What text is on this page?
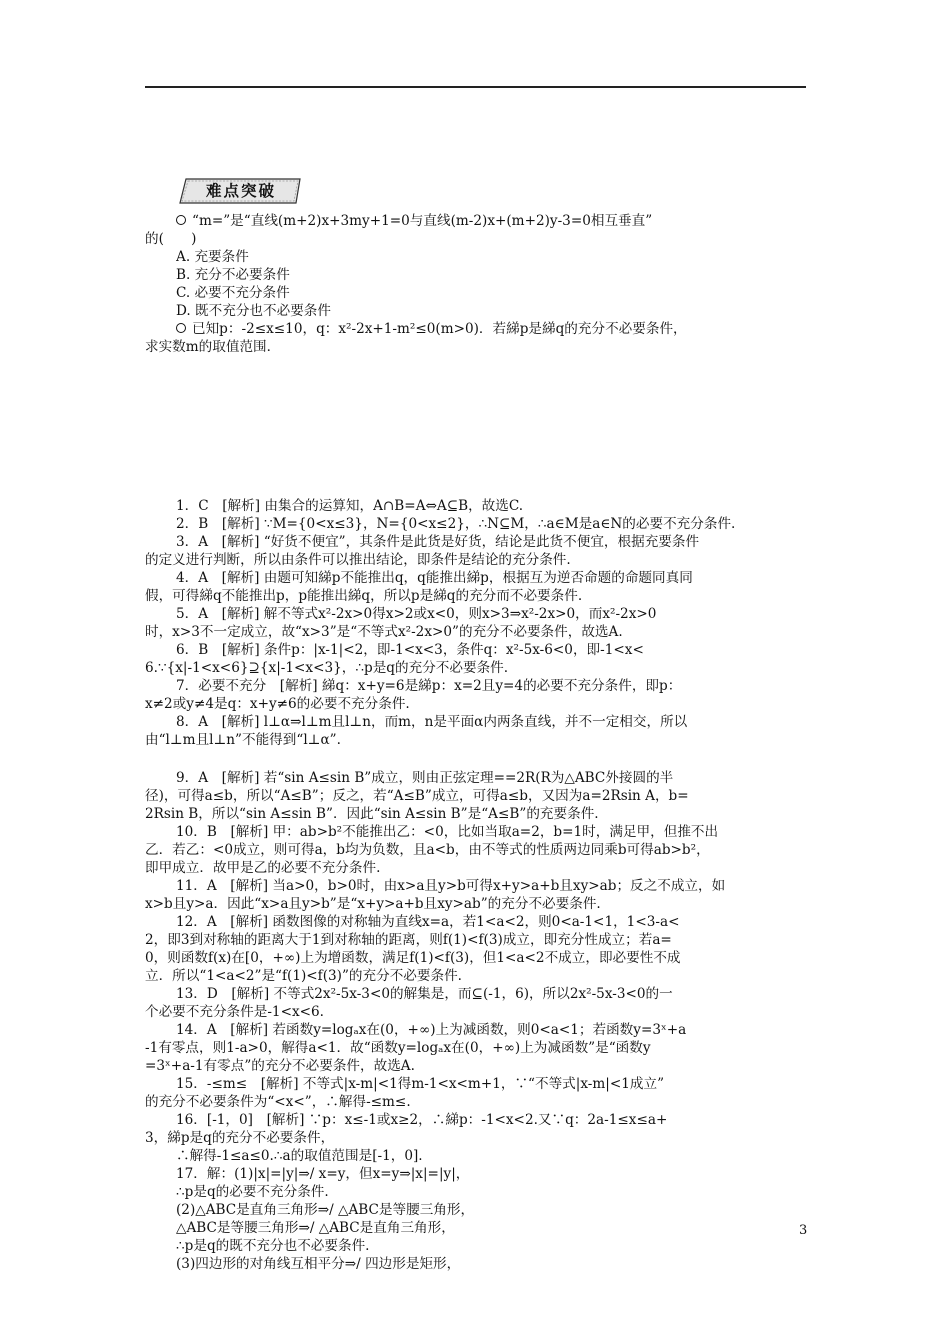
难点突破
“m=”是“直线(m+2)x+3my+1=0与直线(m-2)x+(m+2)y-3=0相互垂直”
的(　　)
A. 充要条件
B. 充分不必要条件
C. 必要不充分条件
D. 既不充分也不必要条件
已知p：-2≤x≤10，q：x²-2x+1-m²≤0(m>0)．若綈p是綈q的充分不必要条件，
求实数m的取值范围．
1．C　[解析] 由集合的运算知，A∩B=A⇔A⊆B，故选C.
2．B　[解析] ∵M={0<x≤3}，N={0<x≤2}，∴N⊆M，∴a∈M是a∈N的必要不充分条件.
3．A　[解析] “好货不便宜”，其条件是此货是好货，结论是此货不便宜，根据充要条件
的定义进行判断，所以由条件可以推出结论，即条件是结论的充分条件.
4．A　[解析] 由题可知綈p不能推出q，q能推出綈p，根据互为逆否命题的命题同真同
假，可得綈q不能推出p，p能推出綈q，所以p是綈q的充分而不必要条件.
5．A　[解析] 解不等式x²-2x>0得x>2或x<0，则x>3⇒x²-2x>0，而x²-2x>0
时，x>3不一定成立，故“x>3”是“不等式x²-2x>0”的充分不必要条件，故选A.
6．B　[解析] 条件p：|x-1|<2，即-1<x<3，条件q：x²-5x-6<0，即-1<x<
6.∵{x|-1<x<6}⊇{x|-1<x<3}，∴p是q的充分不必要条件.
7．必要不充分　[解析] 綈q：x+y=6是綈p：x=2且y=4的必要不充分条件，即p：
x≠2或y≠4是q：x+y≠6的必要不充分条件.
8．A　[解析] l⊥α⇒l⊥m且l⊥n，而m，n是平面α内两条直线，并不一定相交，所以
由“l⊥m且l⊥n”不能得到“l⊥α”.
9．A　[解析] 若“sin A≤sin B”成立，则由正弦定理==2R(R为△ABC外接圆的半
径)，可得a≤b，所以“A≤B”；反之，若“A≤B”成立，可得a≤b，又因为a=2Rsin A，b=
2Rsin B，所以“sin A≤sin B”．因此“sin A≤sin B”是“A≤B”的充要条件.
10．B　[解析] 甲：ab>b²不能推出乙：<0，比如当取a=2，b=1时，满足甲，但推不出
乙．若乙：<0成立，则可得a，b均为负数，且a<b，由不等式的性质两边同乘b可得ab>b²，
即甲成立．故甲是乙的必要不充分条件.
11．A　[解析] 当a>0，b>0时，由x>a且y>b可得x+y>a+b且xy>ab；反之不成立，如
x>b且y>a．因此“x>a且y>b”是“x+y>a+b且xy>ab”的充分不必要条件.
12．A　[解析] 函数图像的对称轴为直线x=a，若1<a<2，则0<a-1<1，1<3-a<
2，即3到对称轴的距离大于1到对称轴的距离，则f(1)<f(3)成立，即充分性成立；若a=
0，则函数f(x)在[0，+∞)上为增函数，满足f(1)<f(3)，但1<a<2不成立，即必要性不成
立．所以“1<a<2”是“f(1)<f(3)”的充分不必要条件.
13．D　[解析] 不等式2x²-5x-3<0的解集是，而⊆(-1，6)，所以2x²-5x-3<0的一
个必要不充分条件是-1<x<6.
14．A　[解析] 若函数y=logₐx在(0，+∞)上为减函数，则0<a<1；若函数y=3ˣ+a
-1有零点，则1-a>0，解得a<1．故“函数y=logₐx在(0，+∞)上为减函数”是“函数y
=3ˣ+a-1有零点”的充分不必要条件，故选A.
15．-≤m≤　[解析] 不等式|x-m|<1得m-1<x<m+1，∵“不等式|x-m|<1成立”
的充分不必要条件为“<x<”，∴解得-≤m≤.
16．[-1，0]　[解析] ∵p：x≤-1或x≥2，∴綈p：-1<x<2.又∵q：2a-1≤x≤a+
3，綈p是q的充分不必要条件，
∴解得-1≤a≤0.∴a的取值范围是[-1，0].
17．解：(1)|x|=|y|⇒/ x=y，但x=y⇒|x|=|y|，
∴p是q的必要不充分条件.
(2)△ABC是直角三角形⇒/ △ABC是等腰三角形，
△ABC是等腰三角形⇒/ △ABC是直角三角形，
∴p是q的既不充分也不必要条件.
(3)四边形的对角线互相平分⇒/ 四边形是矩形，
3
